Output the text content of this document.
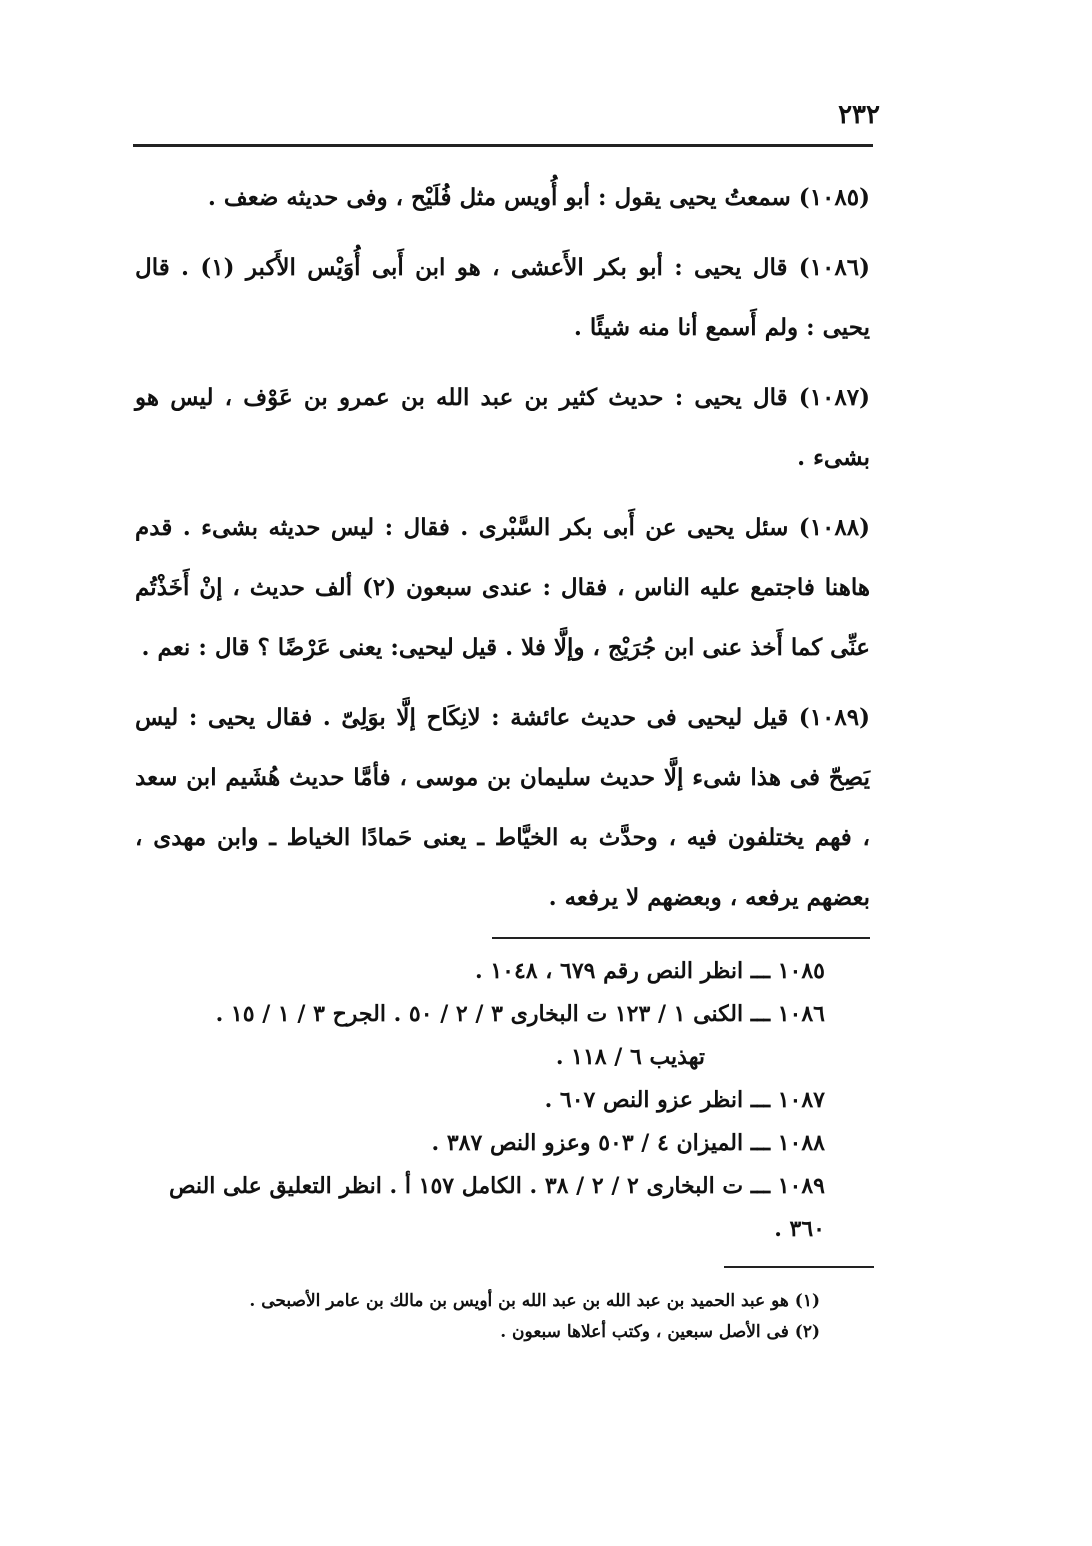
٢٣٢

(١٠٨٥) سمعتُ يحيى يقول : أبو أُويس مثل فُلَيْح ، وفى حديثه ضعف .

(١٠٨٦) قال يحيى : أبو بكر الأَعشى ، هو ابن أَبى أُوَيْس الأَكبر (١) . قال يحيى : ولم أَسمع أنا منه شيئًا .

(١٠٨٧) قال يحيى : حديث كثير بن عبد الله بن عمرو بن عَوْف ، ليس هو بشىء .

(١٠٨٨) سئل يحيى عن أَبى بكر السَّبْرى . فقال : ليس حديثه بشىء . قدم هاهنا فاجتمع عليه الناس ، فقال : عندى سبعون (٢) ألف حديث ، إنْ أَخَذْتُم عنِّى كما أَخذ عنى ابن جُرَيْج ، وإلَّا فلا . قيل ليحيى: يعنى عَرْضًا ؟ قال : نعم .

(١٠٨٩) قيل ليحيى فى حديث عائشة : لانِكَاح إلَّا بوَلِىّ . فقال يحيى : ليس يَصِحّ فى هذا شىء إلَّا حديث سليمان بن موسى ، فأمَّا حديث هُشَيم ابن سعد ، فهم يختلفون فيه ، وحدَّث به الخيَّاط ـ يعنى حَمادًا الخياط ـ وابن مهدى ، بعضهم يرفعه ، وبعضهم لا يرفعه .

١٠٨٥ ـــ انظر النص رقم ٦٧٩ ، ١٠٤٨ .

١٠٨٦ ـــ الكنى ١ / ١٢٣ ت البخارى ٣ / ٢ / ٥٠ . الجرح ٣ / ١ / ١٥ .

تهذيب ٦ / ١١٨ .

١٠٨٧ ـــ انظر عزو النص ٦٠٧ .

١٠٨٨ ـــ الميزان ٤ / ٥٠٣ وعزو النص ٣٨٧ .

١٠٨٩ ـــ ت البخارى ٢ / ٢ / ٣٨ . الكامل ١٥٧ أ . انظر التعليق على النص ٣٦٠ .

(١) هو عبد الحميد بن عبد الله بن عبد الله بن أويس بن مالك بن عامر الأصبحى .

(٢) فى الأصل سبعين ، وكتب أعلاها سبعون .
